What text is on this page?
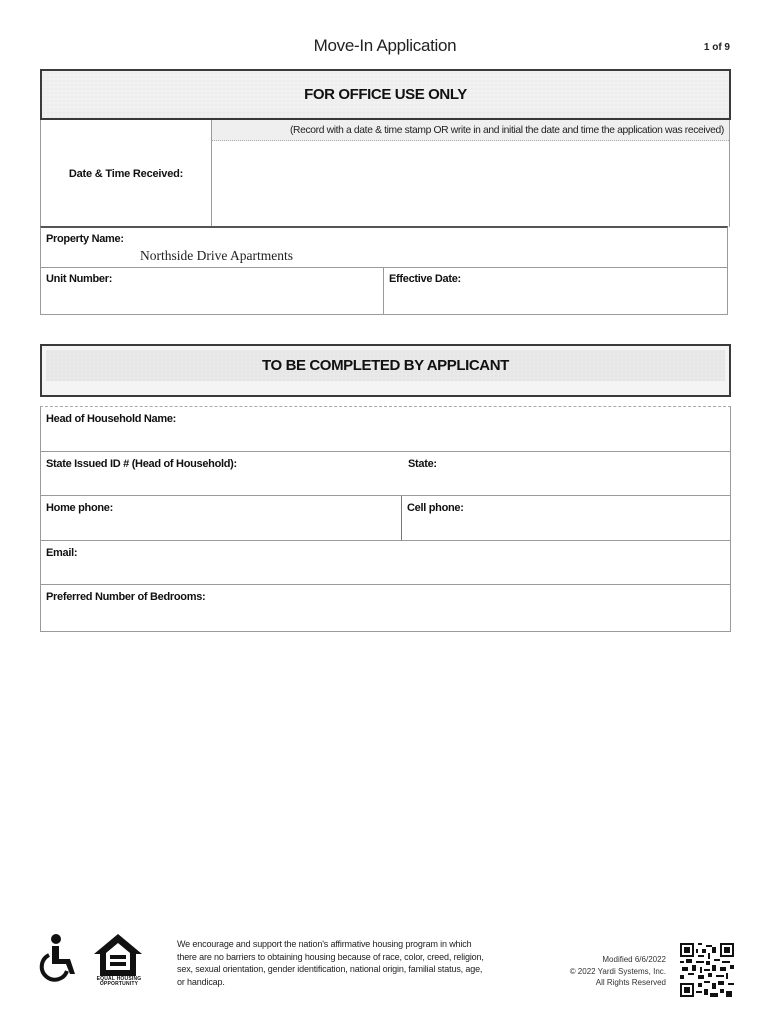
Move-In Application	1 of 9
FOR OFFICE USE ONLY
Date & Time Received:
(Record with a date & time stamp OR write in and initial the date and time the application was received)
Property Name:
Northside Drive Apartments
Unit Number:	Effective Date:
TO BE COMPLETED BY APPLICANT
Head of Household Name:
State Issued ID # (Head of Household):	State:
Home phone:	Cell phone:
Email:
Preferred Number of Bedrooms:
EQUAL HOUSING
OPPORTUNITY
We encourage and support the nation's affirmative housing program in which there are no barriers to obtaining housing because of race, color, creed, religion, sex, sexual orientation, gender identification, national origin, familial status, age, or handicap.
Modified 6/6/2022
© 2022 Yardi Systems, Inc.
All Rights Reserved
